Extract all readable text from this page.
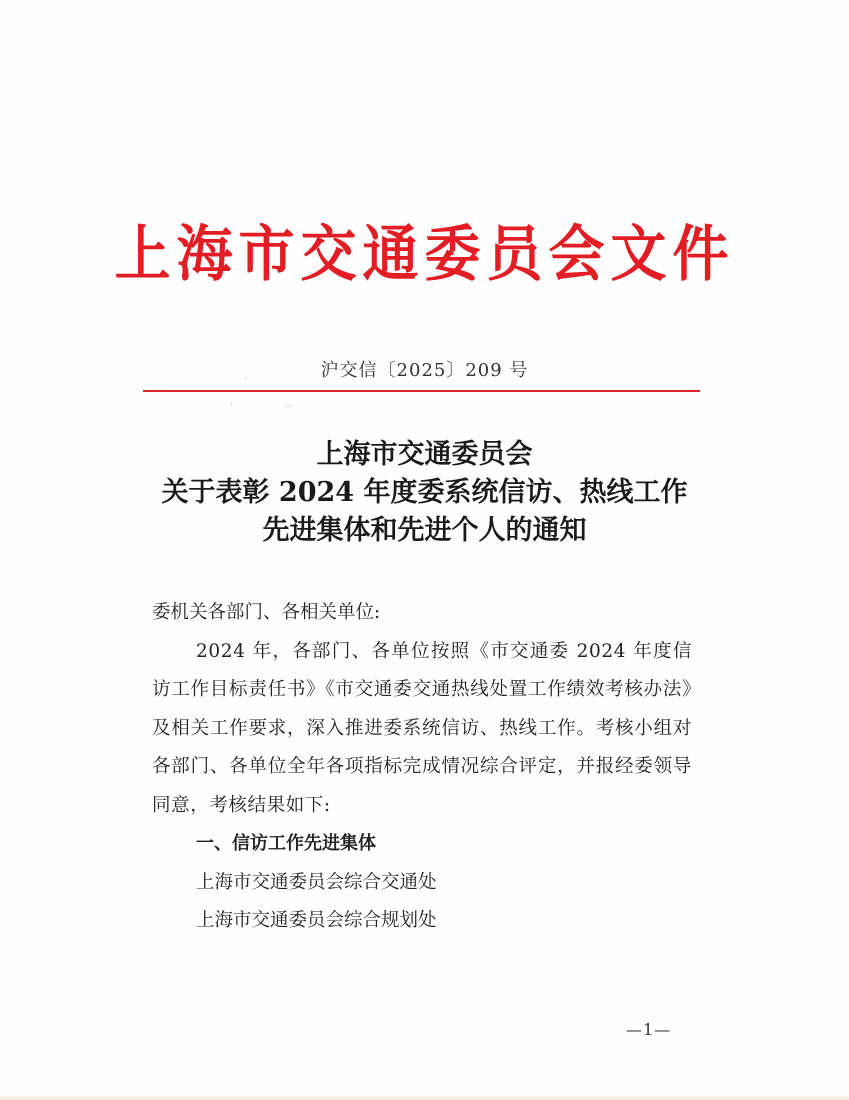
上海市交通委员会文件
沪交信〔2025〕209 号
·
·	··
上海市交通委员会
关于表彰 2024 年度委系统信访、热线工作
先进集体和先进个人的通知

委机关各部门、各相关单位:

2024 年，各部门、各单位按照《市交通委 2024 年度信访工作目标责任书》《市交通委交通热线处置工作绩效考核办法》及相关工作要求，深入推进委系统信访、热线工作。考核小组对各部门、各单位全年各项指标完成情况综合评定，并报经委领导同意，考核结果如下:

一、信访工作先进集体

上海市交通委员会综合交通处

上海市交通委员会综合规划处

—1—
